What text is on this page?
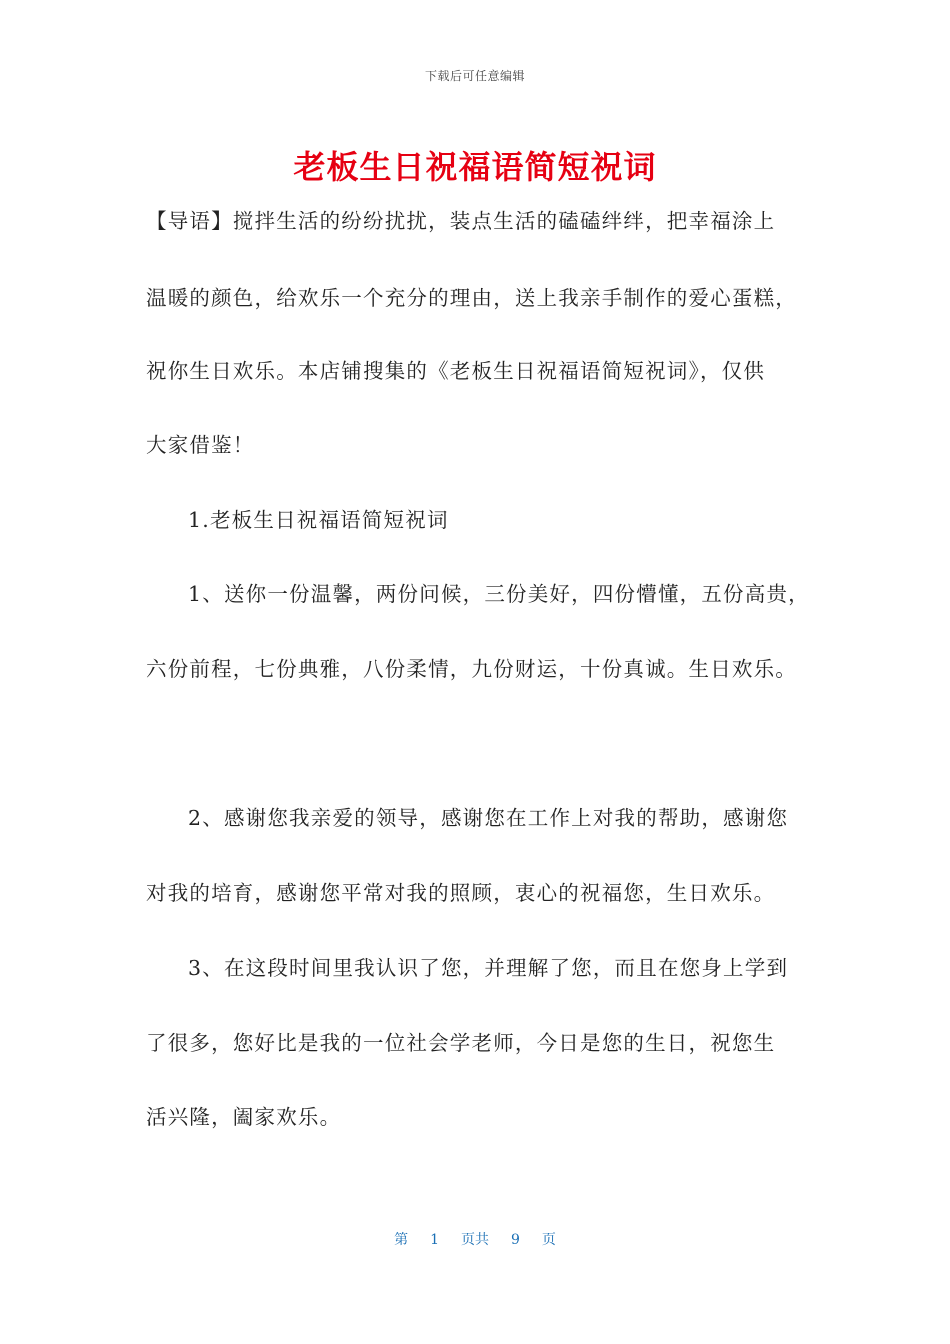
下载后可任意编辑
老板生日祝福语简短祝词
【导语】搅拌生活的纷纷扰扰，装点生活的磕磕绊绊，把幸福涂上
温暖的颜色，给欢乐一个充分的理由，送上我亲手制作的爱心蛋糕，
祝你生日欢乐。本店铺搜集的《老板生日祝福语简短祝词》，仅供
大家借鉴！
1.老板生日祝福语简短祝词
1、送你一份温馨，两份问候，三份美好，四份懵懂，五份高贵，
六份前程，七份典雅，八份柔情，九份财运，十份真诚。生日欢乐。
2、感谢您我亲爱的领导，感谢您在工作上对我的帮助，感谢您
对我的培育，感谢您平常对我的照顾，衷心的祝福您，生日欢乐。
3、在这段时间里我认识了您，并理解了您，而且在您身上学到
了很多，您好比是我的一位社会学老师，今日是您的生日，祝您生
活兴隆，阖家欢乐。
第 1 页共 9 页
